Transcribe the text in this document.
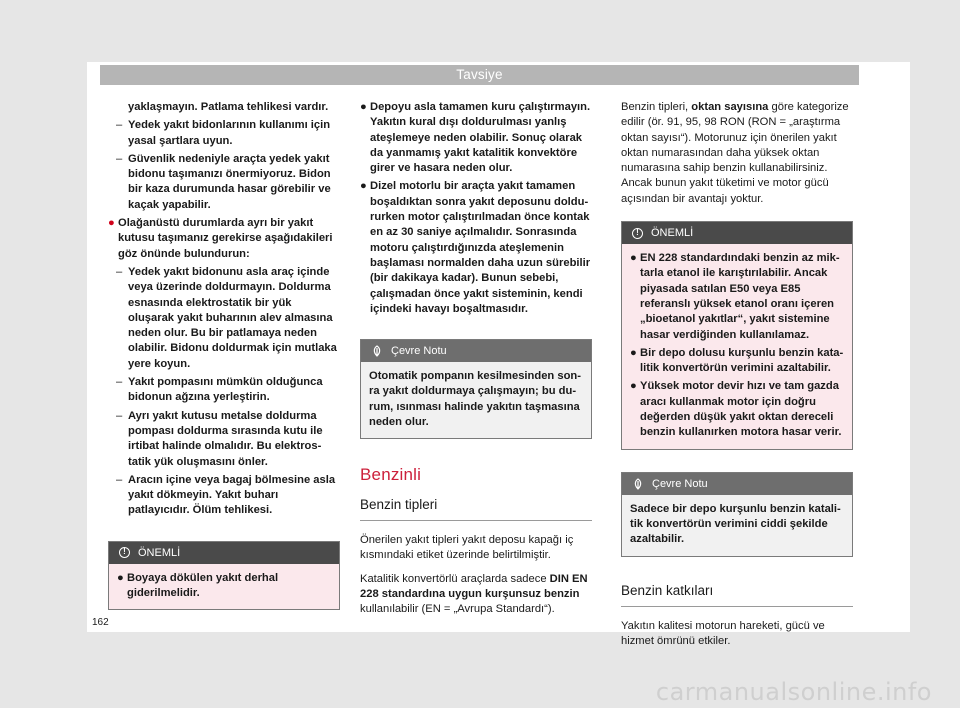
Tavsiye
yaklaşmayın. Patlama tehlikesi vardır.
– Yedek yakıt bidonlarının kullanımı için yasal şartlara uyun.
– Güvenlik nedeniyle araçta yedek yakıt bidonu taşımanızı önermiyoruz. Bidon bir kaza durumunda hasar görebilir ve kaçak yapabilir.
● Olağanüstü durumlarda ayrı bir yakıt kutusu taşımanız gerekirse aşağıdakileri göz önünde bulundurun:
– Yedek yakıt bidonunu asla araç içinde veya üzerinde doldurmayın. Doldurma esnasında elektrostatik bir yük oluşarak yakıt buharının alev almasına neden olur. Bu bir patlamaya neden olabilir. Bidonu doldurmak için mutlaka yere koyun.
– Yakıt pompasını mümkün olduğunca bidonun ağzına yerleştirin.
– Ayrı yakıt kutusu metalse doldurma pompası doldurma sırasında kutu ile irtibat halinde olmalıdır. Bu elektrostatik yük oluşmasını önler.
– Aracın içine veya bagaj bölmesine asla yakıt dökmeyin. Yakıt buharı patlayıcıdır. Ölüm tehlikesi.
!	ÖNEMLİ
● Boyaya dökülen yakıt derhal giderilmelidir.
● Depoyu asla tamamen kuru çalıştırmayın. Yakıtın kural dışı doldurulması yanlış ateşlemeye neden olabilir. Sonuç olarak da yanmamış yakıt katalitik konvektöre girer ve hasara neden olur.
● Dizel motorlu bir araçta yakıt tamamen boşaldıktan sonra yakıt deposunu doldururken motor çalıştırılmadan önce kontak en az 30 saniye açılmalıdır. Sonrasında motoru çalıştırdığınızda ateşlemenin başlaması normalden daha uzun sürebilir (bir dakikaya kadar). Bunun sebebi, çalışmadan önce yakıt sisteminin, kendi içindeki havayı boşaltmasıdır.
Çevre Notu
Otomatik pompanın kesilmesinden sonra yakıt doldurmaya çalışmayın; bu durum, ısınması halinde yakıtın taşmasına neden olur.
Benzinli
Benzin tipleri
Önerilen yakıt tipleri yakıt deposu kapağı iç kısmındaki etiket üzerinde belirtilmiştir.
Katalitik konvertörlü araçlarda sadece DIN EN 228 standardına uygun kurşunsuz benzin kullanılabilir (EN = „Avrupa Standardı“).
Benzin tipleri, oktan sayısına göre kategorize edilir (ör. 91, 95, 98 RON (RON = „araştırma oktan sayısı“). Motorunuz için önerilen yakıt oktan numarasından daha yüksek oktan numarasına sahip benzin kullanabilirsiniz. Ancak bunun yakıt tüketimi ve motor gücü açısından bir avantajı yoktur.
!	ÖNEMLİ
● EN 228 standardındaki benzin az miktarla etanol ile karıştırılabilir. Ancak piyasada satılan E50 veya E85 referanslı yüksek etanol oranı içeren „bioetanol yakıtlar“, yakıt sistemine hasar verdiğinden kullanılamaz.
● Bir depo dolusu kurşunlu benzin katalitik konvertörün verimini azaltabilir.
● Yüksek motor devir hızı ve tam gazda aracı kullanmak motor için doğru değerden düşük yakıt oktan dereceli benzin kullanırken motora hasar verir.
Çevre Notu
Sadece bir depo kurşunlu benzin katalitik konvertörün verimini ciddi şekilde azaltabilir.
Benzin katkıları
Yakıtın kalitesi motorun hareketi, gücü ve hizmet ömrünü etkiler.
162
carmanualsonline.info
